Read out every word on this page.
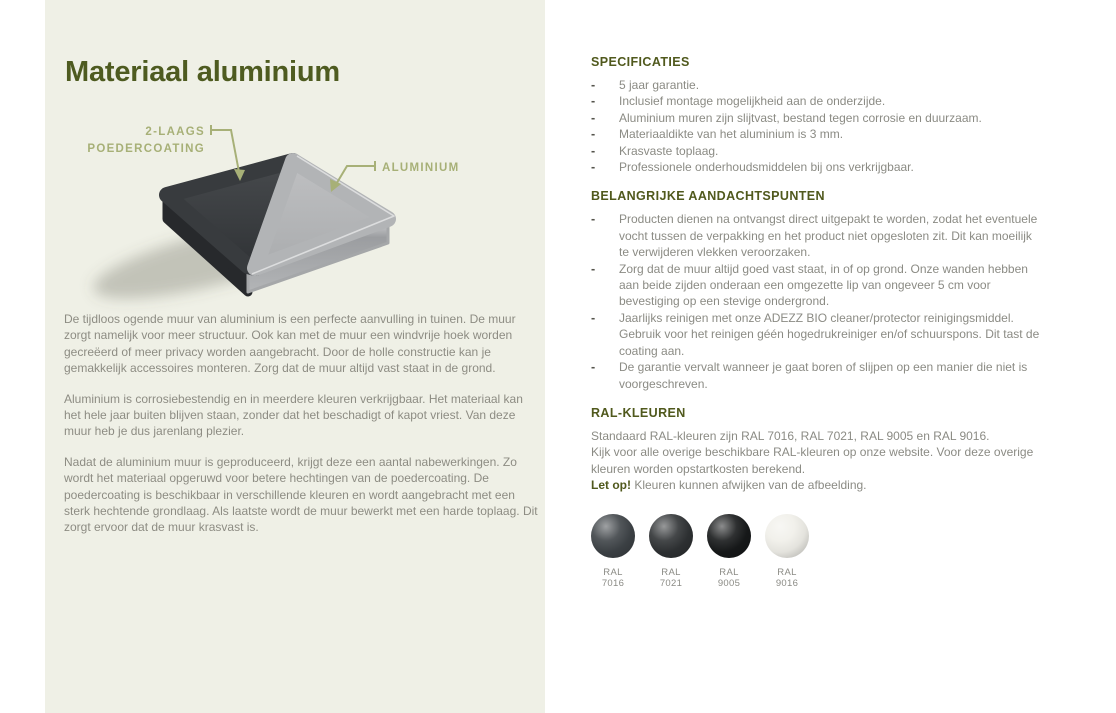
Materiaal aluminium
2-LAAGS
POEDERCOATING
ALUMINIUM

De tijdloos ogende muur van aluminium is een perfecte aanvulling in tuinen. De muur zorgt namelijk voor meer structuur. Ook kan met de muur een windvrije hoek worden gecreëerd of meer privacy worden aangebracht. Door de holle constructie kan je gemakkelijk accessoires monteren. Zorg dat de muur altijd vast staat in de grond.

Aluminium is corrosiebestendig en in meerdere kleuren verkrijgbaar. Het materiaal kan het hele jaar buiten blijven staan, zonder dat het beschadigt of kapot vriest. Van deze muur heb je dus jarenlang plezier.

Nadat de aluminium muur is geproduceerd, krijgt deze een aantal nabewerkingen. Zo wordt het materiaal opgeruwd voor betere hechtingen van de poedercoating. De poedercoating is beschikbaar in verschillende kleuren en wordt aangebracht met een sterk hechtende grondlaag. Als laatste wordt de muur bewerkt met een harde toplaag. Dit zorgt ervoor dat de muur krasvast is.

SPECIFICATIES
-	5 jaar garantie.
-	Inclusief montage mogelijkheid aan de onderzijde.
-	Aluminium muren zijn slijtvast, bestand tegen corrosie en duurzaam.
-	Materiaaldikte van het aluminium is 3 mm.
-	Krasvaste toplaag.
-	Professionele onderhoudsmiddelen bij ons verkrijgbaar.
BELANGRIJKE AANDACHTSPUNTEN
-	Producten dienen na ontvangst direct uitgepakt te worden, zodat het eventuele vocht tussen de verpakking en het product niet opgesloten zit. Dit kan moeilijk te verwijderen vlekken veroorzaken.
-	Zorg dat de muur altijd goed vast staat, in of op grond. Onze wanden hebben aan beide zijden onderaan een omgezette lip van ongeveer 5 cm voor bevestiging op een stevige ondergrond.
-	Jaarlijks reinigen met onze ADEZZ BIO cleaner/protector reinigingsmiddel. Gebruik voor het reinigen géén hogedrukreiniger en/of schuurspons. Dit tast de coating aan.
-	De garantie vervalt wanneer je gaat boren of slijpen op een manier die niet is voorgeschreven.
RAL-KLEUREN
Standaard RAL-kleuren zijn RAL 7016, RAL 7021, RAL 9005 en RAL 9016.
Kijk voor alle overige beschikbare RAL-kleuren op onze website. Voor deze overige kleuren worden opstartkosten berekend.
Let op! Kleuren kunnen afwijken van de afbeelding.
RAL 7016
RAL 7021
RAL 9005
RAL 9016
